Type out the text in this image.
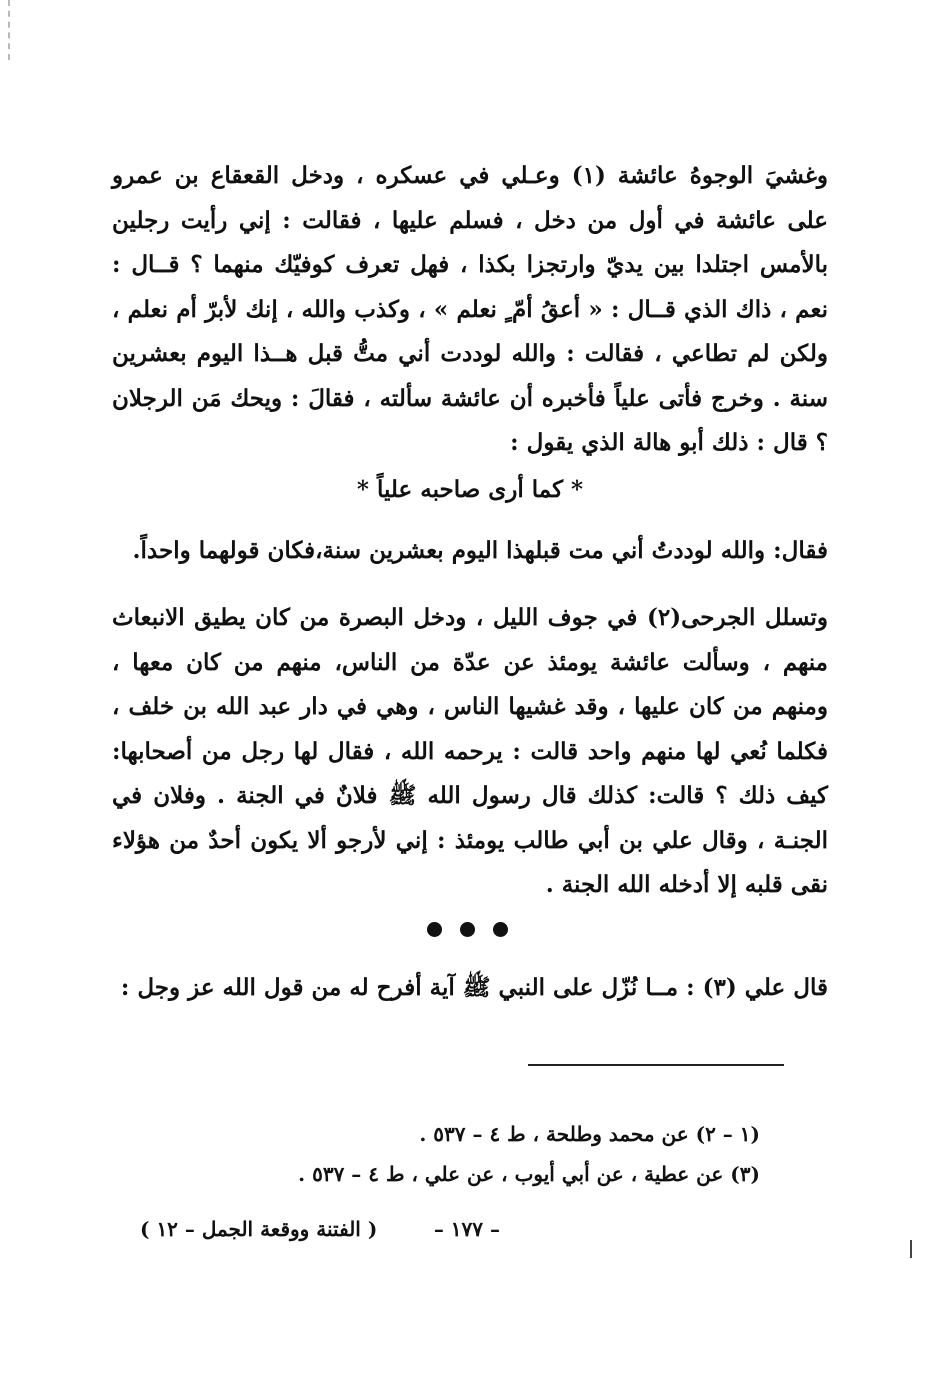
وغشيَ الوجوهُ عائشة (١) وعـلي في عسكره ، ودخل القعقاع بن عمرو على عائشة في أول من دخل ، فسلم عليها ، فقالت : إني رأيت رجلين بالأمس اجتلدا بين يديّ وارتجزا بكذا ، فهل تعرف كوفيّك منهما ؟ قــال : نعم ، ذاك الذي قــال : « أعقُ أمّ ٍ نعلم » ، وكذب والله ، إنك لأبرّ أم نعلم ، ولكن لم تطاعي ، فقالت : والله لوددت أني متُّ قبل هــذا اليوم بعشرين سنة . وخرج فأتى علياً فأخبره أن عائشة سألته ، فقالَ : ويحك مَن الرجلان ؟ قال : ذلك أبو هالة الذي يقول :

* كما أرى صاحبه علياً *

فقال: والله لوددتُ أني مت قبلهذا اليوم بعشرين سنة،فكان قولهما واحداً.

وتسلل الجرحى(٢) في جوف الليل ، ودخل البصرة من كان يطيق الانبعاث منهم ، وسألت عائشة يومئذ عن عدّة من الناس، منهم من كان معها ، ومنهم من كان عليها ، وقد غشيها الناس ، وهي في دار عبد الله بن خلف ، فكلما نُعي لها منهم واحد قالت : يرحمه الله ، فقال لها رجل من أصحابها: كيف ذلك ؟ قالت: كذلك قال رسول الله ﷺ فلانٌ في الجنة . وفلان في الجنـة ، وقال علي بن أبي طالب يومئذ : إني لأرجو ألا يكون أحدٌ من هؤلاء نقى قلبه إلا أدخله الله الجنة .

قال علي (٣) : مــا نُزّل على النبي ﷺ آية أفرح له من قول الله عز وجل :

(١ – ٢) عن محمد وطلحة ، ط ٤ – ٥٣٧ .
(٣) عن عطية ، عن أبي أيوب ، عن علي ، ط ٤ – ٥٣٧ .
– ١٧٧ –
( الفتنة ووقعة الجمل – ١٢ )
